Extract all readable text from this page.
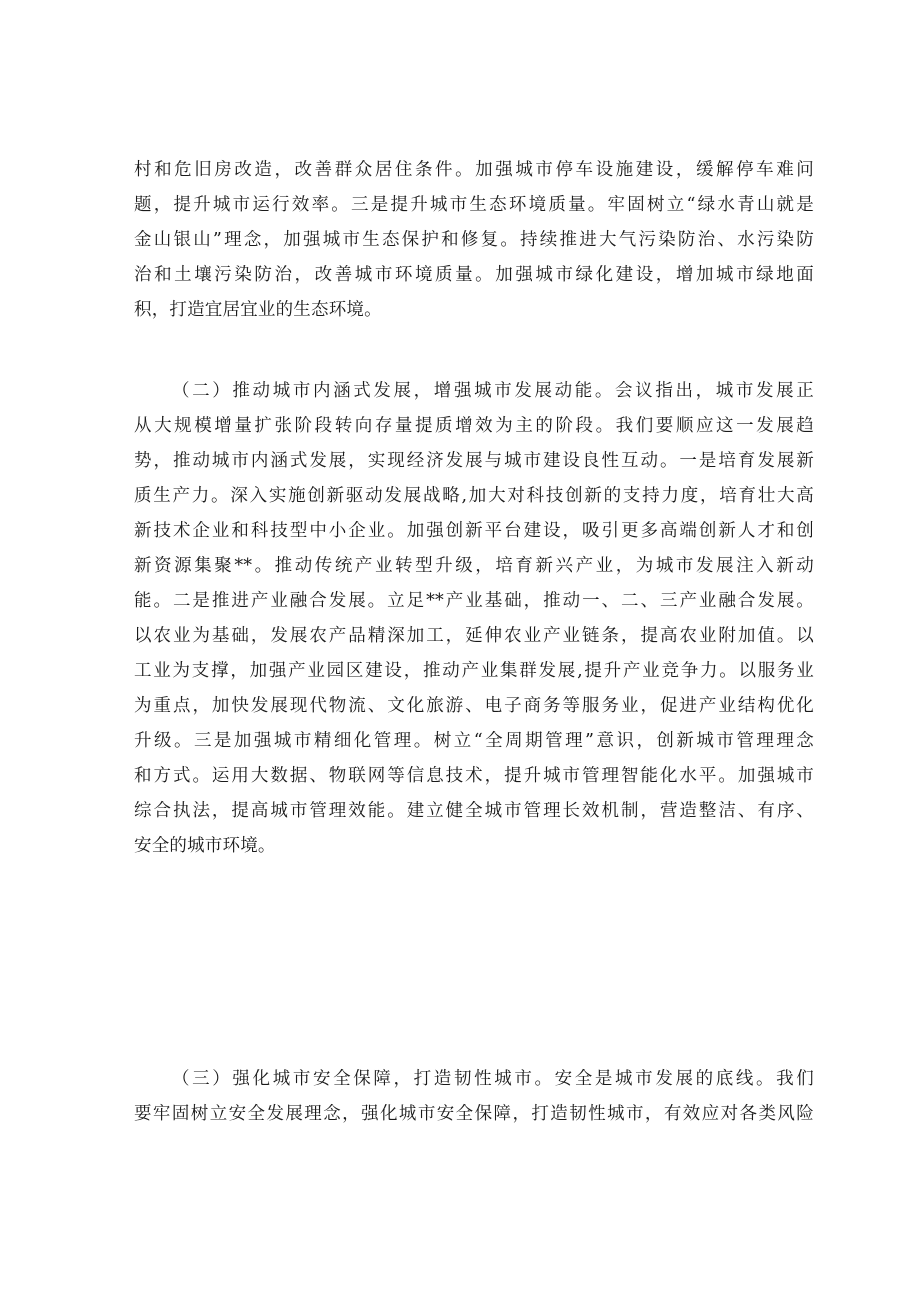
村和危旧房改造，改善群众居住条件。加强城市停车设施建设，缓解停车难问
题，提升城市运行效率。三是提升城市生态环境质量。牢固树立“绿水青山就是
金山银山”理念，加强城市生态保护和修复。持续推进大气污染防治、水污染防
治和土壤污染防治，改善城市环境质量。加强城市绿化建设，增加城市绿地面
积，打造宜居宜业的生态环境。
（二）推动城市内涵式发展，增强城市发展动能。会议指出，城市发展正
从大规模增量扩张阶段转向存量提质增效为主的阶段。我们要顺应这一发展趋
势，推动城市内涵式发展，实现经济发展与城市建设良性互动。一是培育发展新
质生产力。深入实施创新驱动发展战略,加大对科技创新的支持力度，培育壮大高
新技术企业和科技型中小企业。加强创新平台建设，吸引更多高端创新人才和创
新资源集聚**。推动传统产业转型升级，培育新兴产业，为城市发展注入新动
能。二是推进产业融合发展。立足**产业基础，推动一、二、三产业融合发展。
以农业为基础，发展农产品精深加工，延伸农业产业链条，提高农业附加值。以
工业为支撑，加强产业园区建设，推动产业集群发展,提升产业竞争力。以服务业
为重点，加快发展现代物流、文化旅游、电子商务等服务业，促进产业结构优化
升级。三是加强城市精细化管理。树立“全周期管理”意识，创新城市管理理念
和方式。运用大数据、物联网等信息技术，提升城市管理智能化水平。加强城市
综合执法，提高城市管理效能。建立健全城市管理长效机制，营造整洁、有序、
安全的城市环境。
（三）强化城市安全保障，打造韧性城市。安全是城市发展的底线。我们
要牢固树立安全发展理念，强化城市安全保障，打造韧性城市，有效应对各类风险
